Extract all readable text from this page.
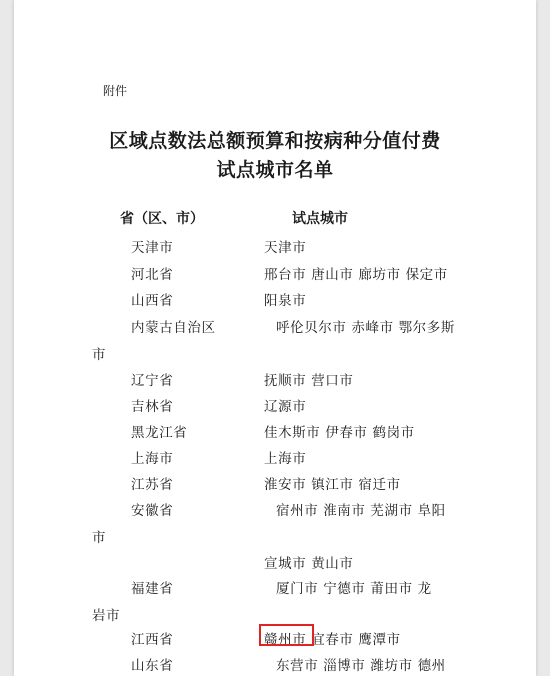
附件
区域点数法总额预算和按病种分值付费
试点城市名单
省（区、市）	试点城市
天津市	天津市
河北省	邢台市 唐山市 廊坊市 保定市
山西省	阳泉市
内蒙古自治区	呼伦贝尔市 赤峰市 鄂尔多斯
市
辽宁省	抚顺市 营口市
吉林省	辽源市
黑龙江省	佳木斯市 伊春市 鹤岗市
上海市	上海市
江苏省	淮安市 镇江市 宿迁市
安徽省	宿州市 淮南市 芜湖市 阜阳
市
宣城市 黄山市
福建省	厦门市 宁德市 莆田市 龙
岩市
江西省	赣州市 宜春市 鹰潭市
山东省	东营市 淄博市 潍坊市 德州
